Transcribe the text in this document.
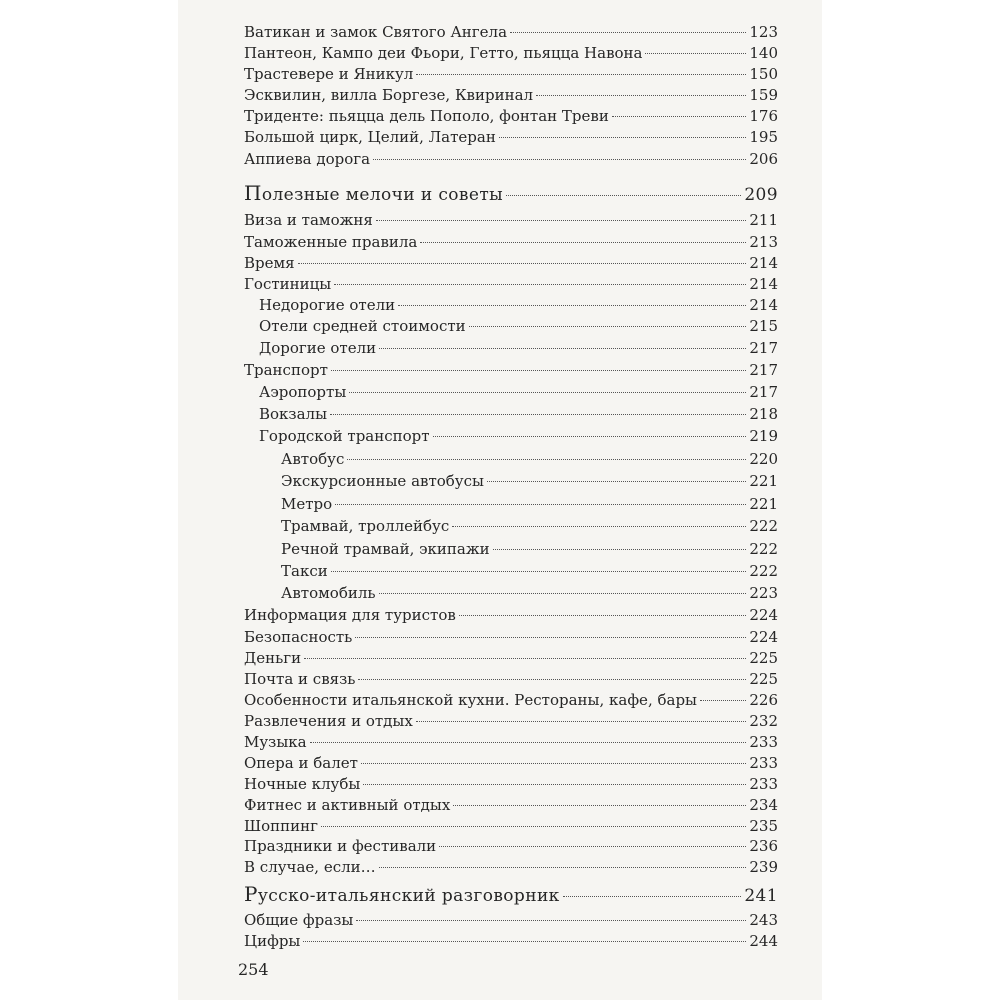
Ватикан и замок Святого Ангела	123
Пантеон, Кампо деи Фьори, Гетто, пьяцца Навона	140
Трастевере и Яникул	150
Эсквилин, вилла Боргезе, Квиринал	159
Триденте: пьяцца дель Пополо, фонтан Треви	176
Большой цирк, Целий, Латеран	195
Аппиева дорога	206
Полезные мелочи и советы	209
Виза и таможня	211
Таможенные правила	213
Время	214
Гостиницы	214
Недорогие отели	214
Отели средней стоимости	215
Дорогие отели	217
Транспорт	217
Аэропорты	217
Вокзалы	218
Городской транспорт	219
Автобус	220
Экскурсионные автобусы	221
Метро	221
Трамвай, троллейбус	222
Речной трамвай, экипажи	222
Такси	222
Автомобиль	223
Информация для туристов	224
Безопасность	224
Деньги	225
Почта и связь	225
Особенности итальянской кухни. Рестораны, кафе, бары	226
Развлечения и отдых	232
Музыка	233
Опера и балет	233
Ночные клубы	233
Фитнес и активный отдых	234
Шоппинг	235
Праздники и фестивали	236
В случае, если…	239
Русско-итальянский разговорник	241
Общие фразы	243
Цифры	244
254
